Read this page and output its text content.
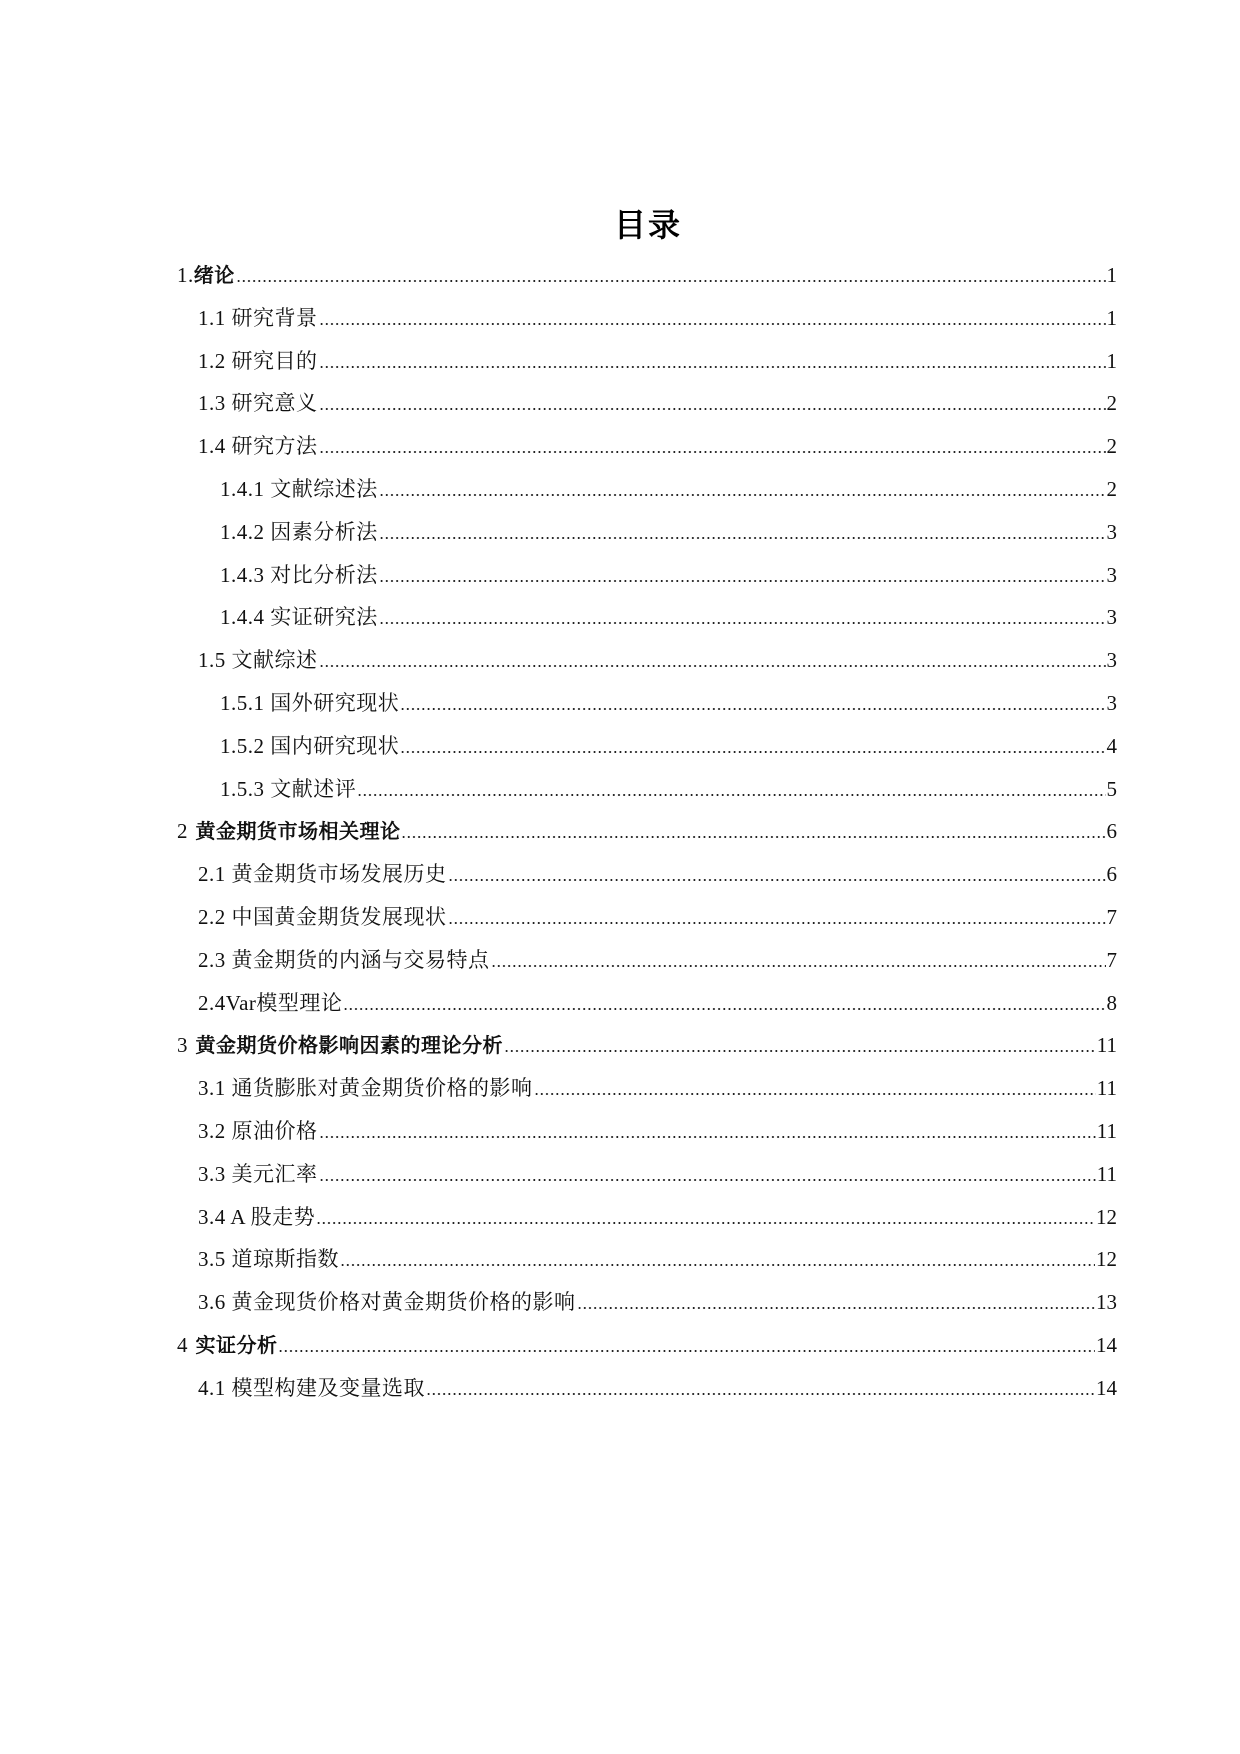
目录
1.绪论	1
1.1 研究背景	1
1.2 研究目的	1
1.3 研究意义	2
1.4 研究方法	2
1.4.1 文献综述法	2
1.4.2 因素分析法	3
1.4.3 对比分析法	3
1.4.4 实证研究法	3
1.5 文献综述	3
1.5.1 国外研究现状	3
1.5.2 国内研究现状	4
1.5.3 文献述评	5
2 黄金期货市场相关理论	6
2.1 黄金期货市场发展历史	6
2.2 中国黄金期货发展现状	7
2.3 黄金期货的内涵与交易特点	7
2.4Var模型理论	8
3 黄金期货价格影响因素的理论分析	11
3.1 通货膨胀对黄金期货价格的影响	11
3.2 原油价格	11
3.3 美元汇率	11
3.4 A 股走势	12
3.5 道琼斯指数	12
3.6 黄金现货价格对黄金期货价格的影响	13
4 实证分析	14
4.1 模型构建及变量选取	14
